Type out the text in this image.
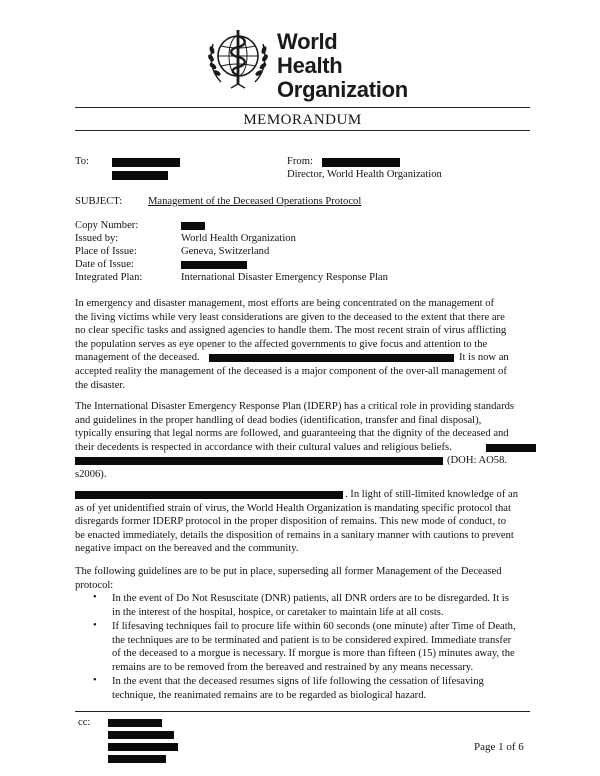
World Health
Organization
MEMORANDUM
To:	From:
Director, World Health Organization
SUBJECT: Management of the Deceased Operations Protocol
Copy Number:
Issued by:	World Health Organization
Place of Issue:	Geneva, Switzerland
Date of Issue:
Integrated Plan:	International Disaster Emergency Response Plan
In emergency and disaster management, most efforts are being concentrated on the management of
the living victims while very least considerations are given to the deceased to the extent that there are
no clear specific tasks and assigned agencies to handle them. The most recent strain of virus afflicting
the population serves as eye opener to the affected governments to give focus and attention to the
management of the deceased.	It is now an
accepted reality the management of the deceased is a major component of the over-all management of
the disaster.
The International Disaster Emergency Response Plan (IDERP) has a critical role in providing standards
and guidelines in the proper handling of dead bodies (identification, transfer and final disposal),
typically ensuring that legal norms are followed, and guaranteeing that the dignity of the deceased and
their decedents is respected in accordance with their cultural values and religious beliefs.
(DOH: AO58.
s2006).
. In light of still-limited knowledge of an
as of yet unidentified strain of virus, the World Health Organization is mandating specific protocol that
disregards former IDERP protocol in the proper disposition of remains. This new mode of conduct, to
be enacted immediately, details the disposition of remains in a sanitary manner with cautions to prevent
negative impact on the bereaved and the community.
The following guidelines are to be put in place, superseding all former Management of the Deceased
protocol:
• In the event of Do Not Resuscitate (DNR) patients, all DNR orders are to be disregarded. It is
in the interest of the hospital, hospice, or caretaker to maintain life at all costs.
• If lifesaving techniques fail to procure life within 60 seconds (one minute) after Time of Death,
the techniques are to be terminated and patient is to be considered expired. Immediate transfer
of the deceased to a morgue is necessary. If morgue is more than fifteen (15) minutes away, the
remains are to be removed from the bereaved and restrained by any means necessary.
• In the event that the deceased resumes signs of life following the cessation of lifesaving
technique, the reanimated remains are to be regarded as biological hazard.
cc:
Page 1 of 6
